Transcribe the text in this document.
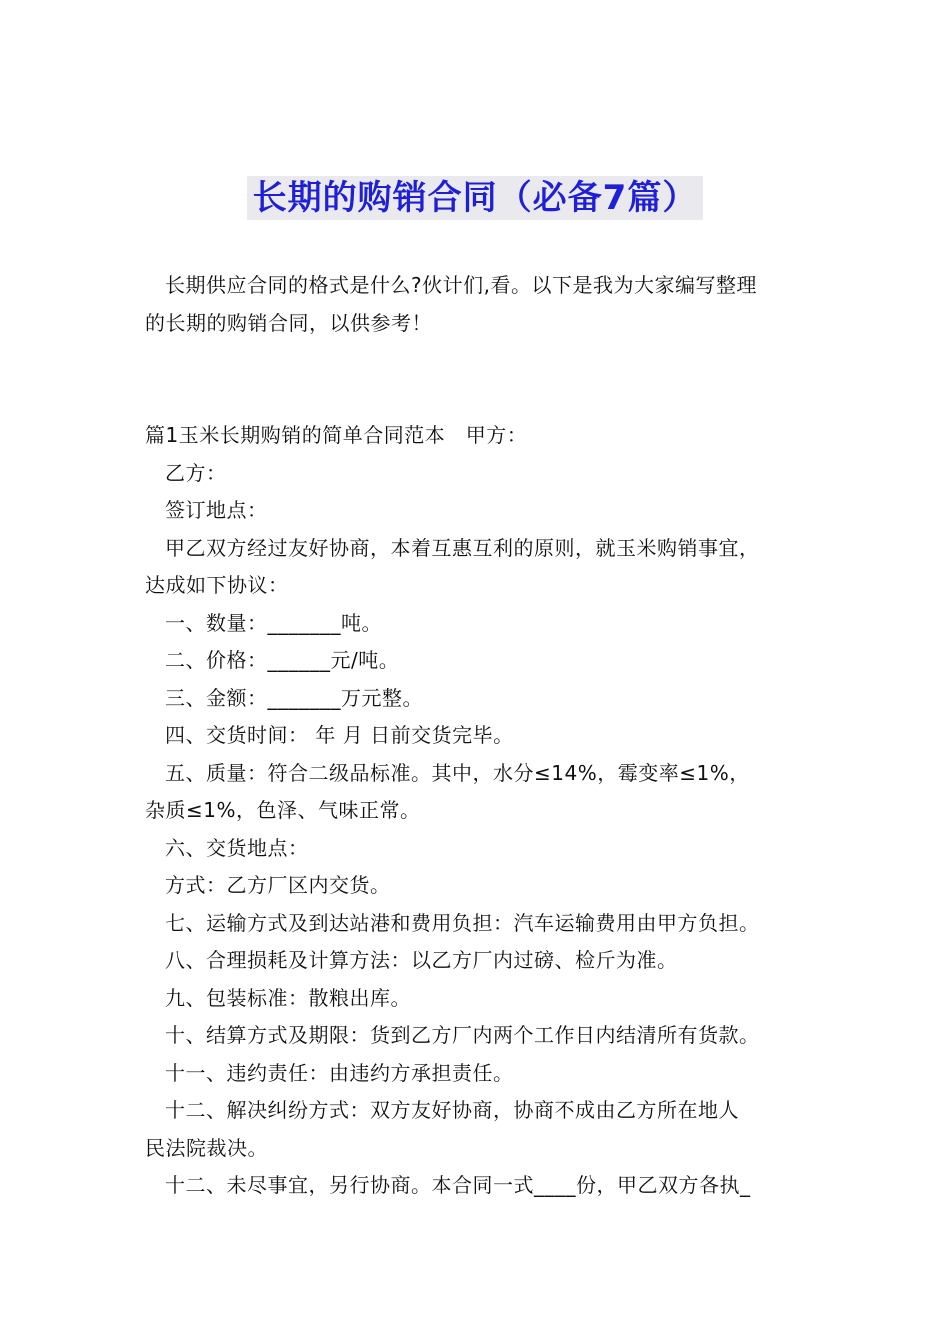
长期的购销合同（必备7篇）

长期供应合同的格式是什么?伙计们,看。以下是我为大家编写整理

的长期的购销合同，以供参考！

篇1玉米长期购销的简单合同范本　甲方：

乙方：

签订地点：

甲乙双方经过友好协商，本着互惠互利的原则，就玉米购销事宜，

达成如下协议：

一、数量：_______吨。

二、价格：______元/吨。

三、金额：_______万元整。

四、交货时间： 年 月 日前交货完毕。

五、质量：符合二级品标准。其中，水分≤14%，霉变率≤1%，

杂质≤1%，色泽、气味正常。

六、交货地点：

方式：乙方厂区内交货。

七、运输方式及到达站港和费用负担：汽车运输费用由甲方负担。

八、合理损耗及计算方法：以乙方厂内过磅、检斤为准。

九、包装标准：散粮出库。

十、结算方式及期限：货到乙方厂内两个工作日内结清所有货款。

十一、违约责任：由违约方承担责任。

十二、解决纠纷方式：双方友好协商，协商不成由乙方所在地人

民法院裁决。

十二、未尽事宜，另行协商。本合同一式____份，甲乙双方各执_
